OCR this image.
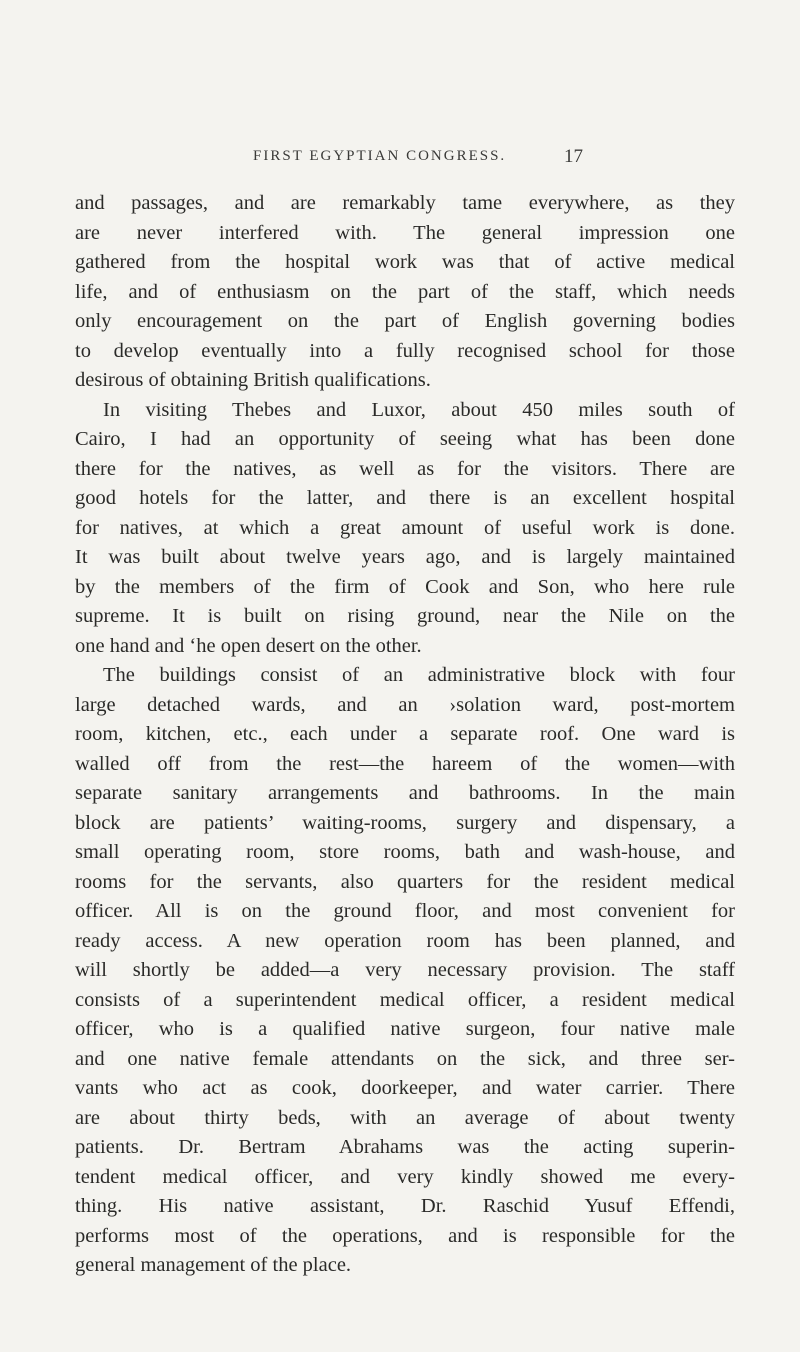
FIRST EGYPTIAN CONGRESS.	17
and passages, and are remarkably tame everywhere, as they
are never interfered with. The general impression one
gathered from the hospital work was that of active medical
life, and of enthusiasm on the part of the staff, which needs
only encouragement on the part of English governing bodies
to develop eventually into a fully recognised school for those
desirous of obtaining British qualifications.
In visiting Thebes and Luxor, about 450 miles south of
Cairo, I had an opportunity of seeing what has been done
there for the natives, as well as for the visitors. There are
good hotels for the latter, and there is an excellent hospital
for natives, at which a great amount of useful work is done.
It was built about twelve years ago, and is largely maintained
by the members of the firm of Cook and Son, who here rule
supreme. It is built on rising ground, near the Nile on the
one hand and ‘he open desert on the other.
The buildings consist of an administrative block with four
large detached wards, and an ›solation ward, post-mortem
room, kitchen, etc., each under a separate roof. One ward is
walled off from the rest—the hareem of the women—with
separate sanitary arrangements and bathrooms. In the main
block are patients’ waiting-rooms, surgery and dispensary, a
small operating room, store rooms, bath and wash-house, and
rooms for the servants, also quarters for the resident medical
officer. All is on the ground floor, and most convenient for
ready access. A new operation room has been planned, and
will shortly be added—a very necessary provision. The staff
consists of a superintendent medical officer, a resident medical
officer, who is a qualified native surgeon, four native male
and one native female attendants on the sick, and three ser-
vants who act as cook, doorkeeper, and water carrier. There
are about thirty beds, with an average of about twenty
patients. Dr. Bertram Abrahams was the acting superin-
tendent medical officer, and very kindly showed me every-
thing. His native assistant, Dr. Raschid Yusuf Effendi,
performs most of the operations, and is responsible for the
general management of the place.
